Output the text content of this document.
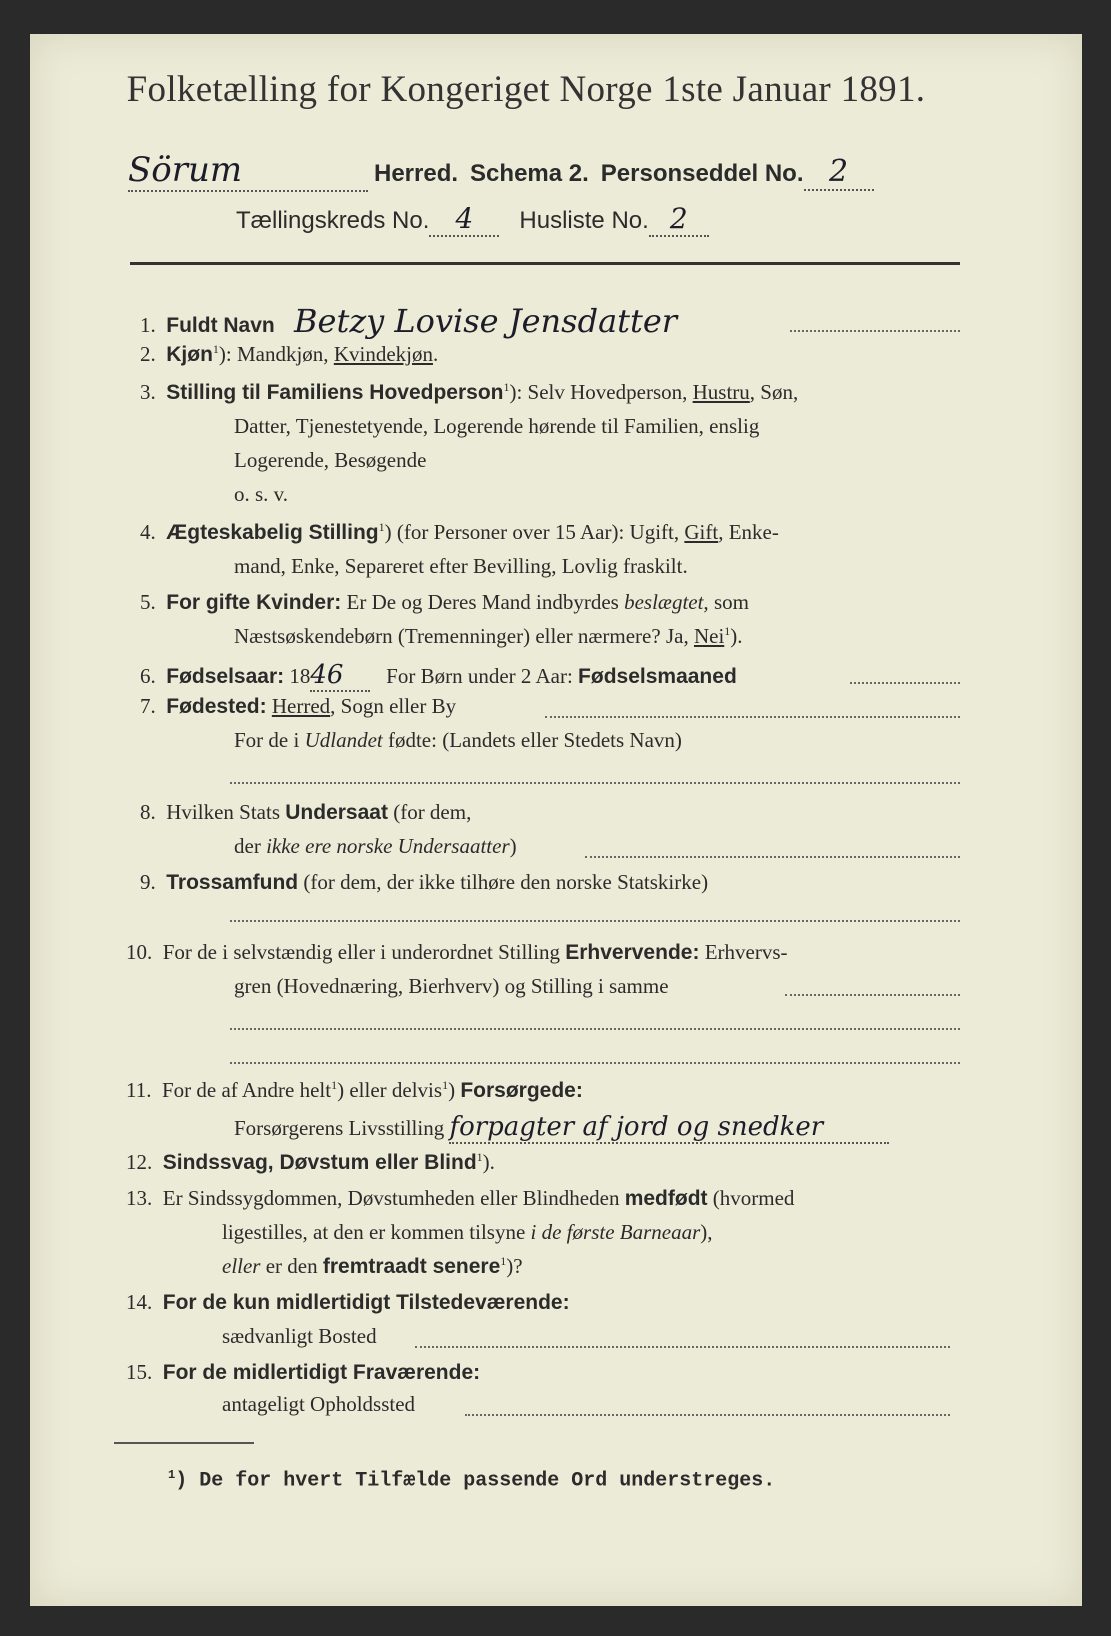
Folketælling for Kongeriget Norge 1ste Januar 1891.
Sörum	Herred. Schema 2. Personseddel No. 2
Tællingskreds No. 4 Husliste No. 2
1. Fuldt Navn Betzy Lovise Jensdatter
2. Kjøn$^1$): Mandkjøn, Kvindekjøn.
3. Stilling til Familiens Hovedperson$^1$): Selv Hovedperson, Hustru, Søn,
Datter, Tjenestetyende, Logerende hørende til Familien, enslig
Logerende, Besøgende
o. s. v.
4. Ægteskabelig Stilling$^1$) (for Personer over 15 Aar): Ugift, Gift, Enke-
mand, Enke, Separeret efter Bevilling, Lovlig fraskilt.
5. For gifte Kvinder: Er De og Deres Mand indbyrdes beslægtet, som
Næstsøskendebørn (Tremenninger) eller nærmere? Ja, Nei$^1$).
6. Fødselsaar: 1846 For Børn under 2 Aar: Fødselsmaaned
7. Fødested: Herred, Sogn eller By
For de i Udlandet fødte: (Landets eller Stedets Navn)
8. Hvilken Stats Undersaat (for dem,
der ikke ere norske Undersaatter)
9. Trossamfund (for dem, der ikke tilhøre den norske Statskirke)
10. For de i selvstændig eller i underordnet Stilling Erhvervende: Erhvervs-
gren (Hovednæring, Bierhverv) og Stilling i samme
11. For de af Andre helt$^1$) eller delvis$^1$) Forsørgede:
Forsørgerens Livsstilling forpagter af jord og snedker
12. Sindssvag, Døvstum eller Blind$^1$).
13. Er Sindssygdommen, Døvstumheden eller Blindheden medfødt (hvormed
ligestilles, at den er kommen tilsyne i de første Barneaar),
eller er den fremtraadt senere$^1$)?
14. For de kun midlertidigt Tilstedeværende:
sædvanligt Bosted
15. For de midlertidigt Fraværende:
antageligt Opholdssted
$^1$) De for hvert Tilfælde passende Ord understreges.
